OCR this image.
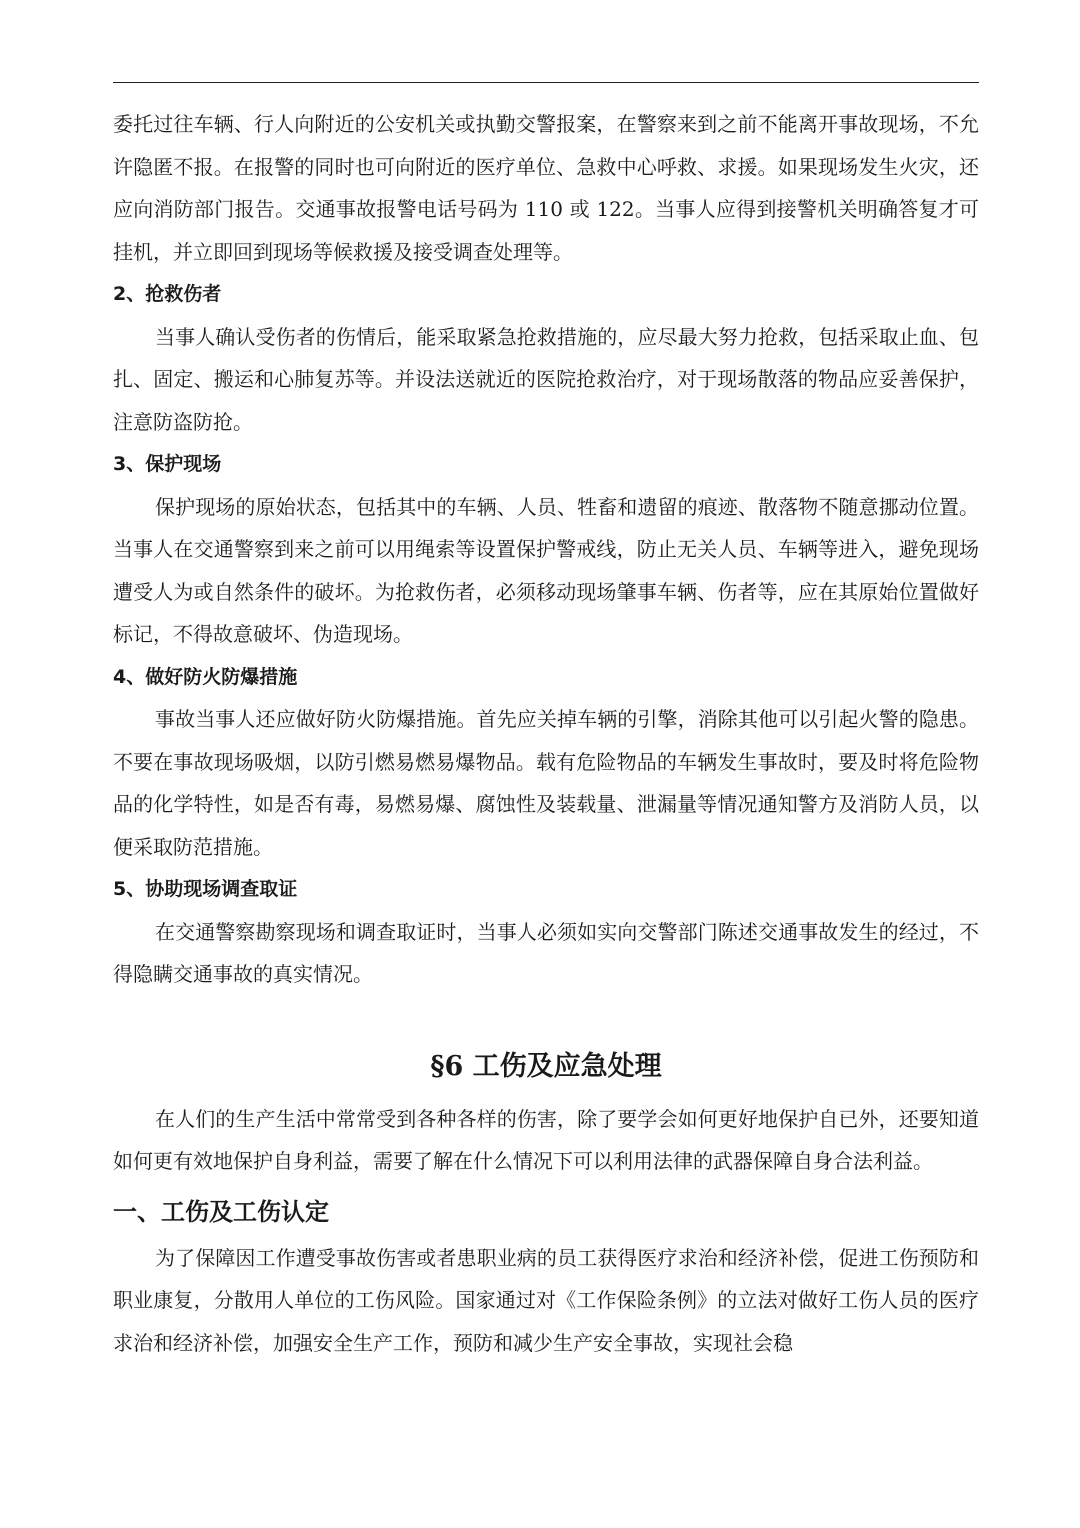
委托过往车辆、行人向附近的公安机关或执勤交警报案，在警察来到之前不能离开事故现场，不允许隐匿不报。在报警的同时也可向附近的医疗单位、急救中心呼救、求援。如果现场发生火灾，还应向消防部门报告。交通事故报警电话号码为 110 或 122。当事人应得到接警机关明确答复才可挂机，并立即回到现场等候救援及接受调查处理等。

2、抢救伤者

当事人确认受伤者的伤情后，能采取紧急抢救措施的，应尽最大努力抢救，包括采取止血、包扎、固定、搬运和心肺复苏等。并设法送就近的医院抢救治疗，对于现场散落的物品应妥善保护，注意防盗防抢。

3、保护现场

保护现场的原始状态，包括其中的车辆、人员、牲畜和遗留的痕迹、散落物不随意挪动位置。当事人在交通警察到来之前可以用绳索等设置保护警戒线，防止无关人员、车辆等进入，避免现场遭受人为或自然条件的破坏。为抢救伤者，必须移动现场肇事车辆、伤者等，应在其原始位置做好标记，不得故意破坏、伪造现场。

4、做好防火防爆措施

事故当事人还应做好防火防爆措施。首先应关掉车辆的引擎，消除其他可以引起火警的隐患。不要在事故现场吸烟，以防引燃易燃易爆物品。载有危险物品的车辆发生事故时，要及时将危险物品的化学特性，如是否有毒，易燃易爆、腐蚀性及装载量、泄漏量等情况通知警方及消防人员，以便采取防范措施。

5、协助现场调查取证

在交通警察勘察现场和调查取证时，当事人必须如实向交警部门陈述交通事故发生的经过，不得隐瞒交通事故的真实情况。

§6 工伤及应急处理

在人们的生产生活中常常受到各种各样的伤害，除了要学会如何更好地保护自已外，还要知道如何更有效地保护自身利益，需要了解在什么情况下可以利用法律的武器保障自身合法利益。

一、工伤及工伤认定

为了保障因工作遭受事故伤害或者患职业病的员工获得医疗求治和经济补偿，促进工伤预防和职业康复，分散用人单位的工伤风险。国家通过对《工作保险条例》的立法对做好工伤人员的医疗求治和经济补偿，加强安全生产工作，预防和减少生产安全事故，实现社会稳
